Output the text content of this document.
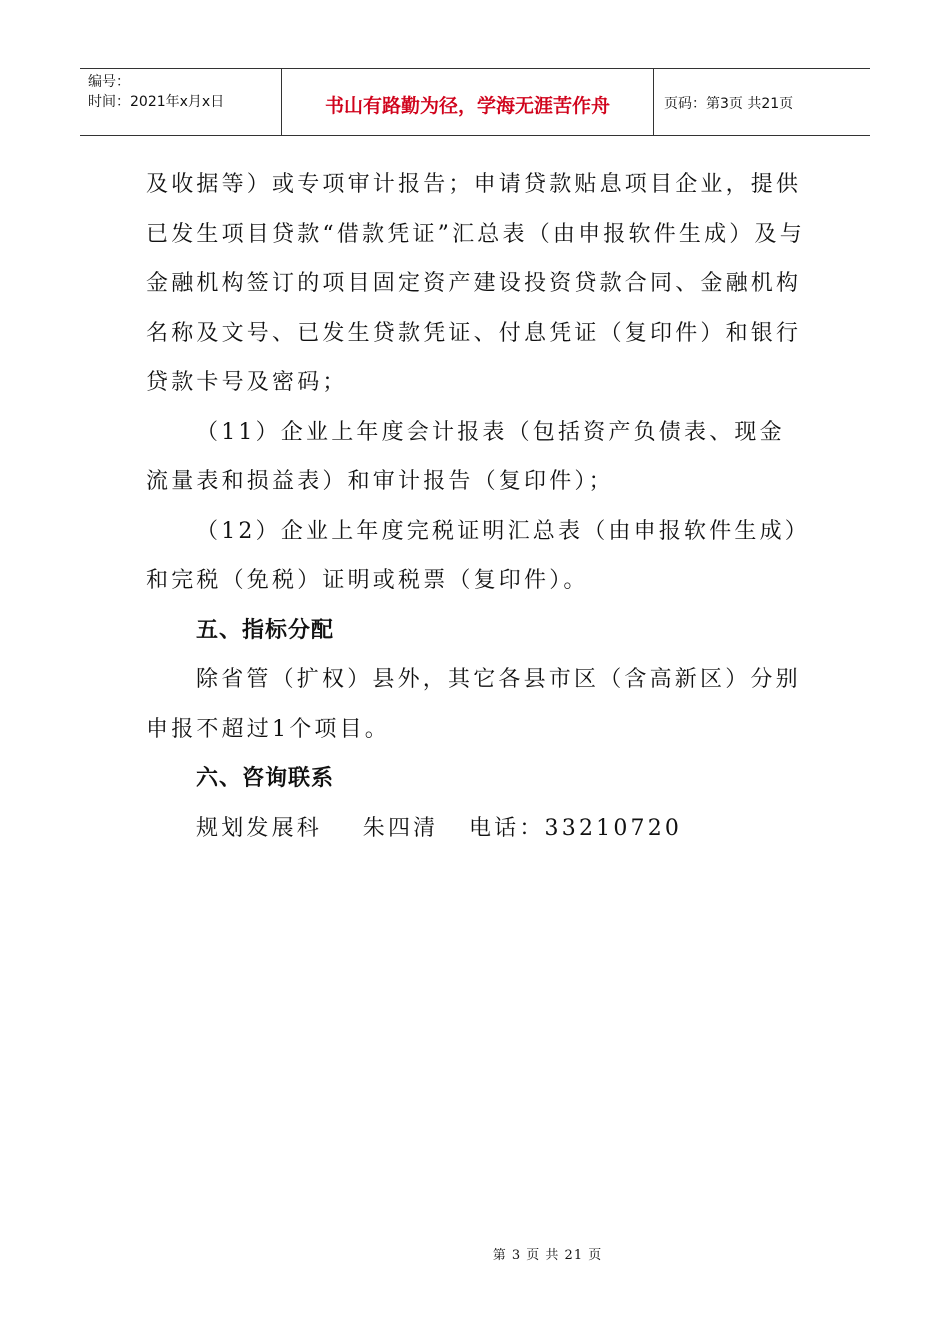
编号：
时间：2021年x月x日	书山有路勤为径，学海无涯苦作舟	页码：第3页 共21页

及收据等）或专项审计报告；申请贷款贴息项目企业，提供已发生项目贷款“借款凭证”汇总表（由申报软件生成）及与金融机构签订的项目固定资产建设投资贷款合同、金融机构名称及文号、已发生贷款凭证、付息凭证（复印件）和银行贷款卡号及密码；

（11）企业上年度会计报表（包括资产负债表、现金流量表和损益表）和审计报告（复印件）；

（12）企业上年度完税证明汇总表（由申报软件生成）和完税（免税）证明或税票（复印件）。

五、指标分配

除省管（扩权）县外，其它各县市区（含高新区）分别申报不超过1个项目。

六、咨询联系

规划发展科    朱四清   电话：33210720

第 3 页 共 21 页
